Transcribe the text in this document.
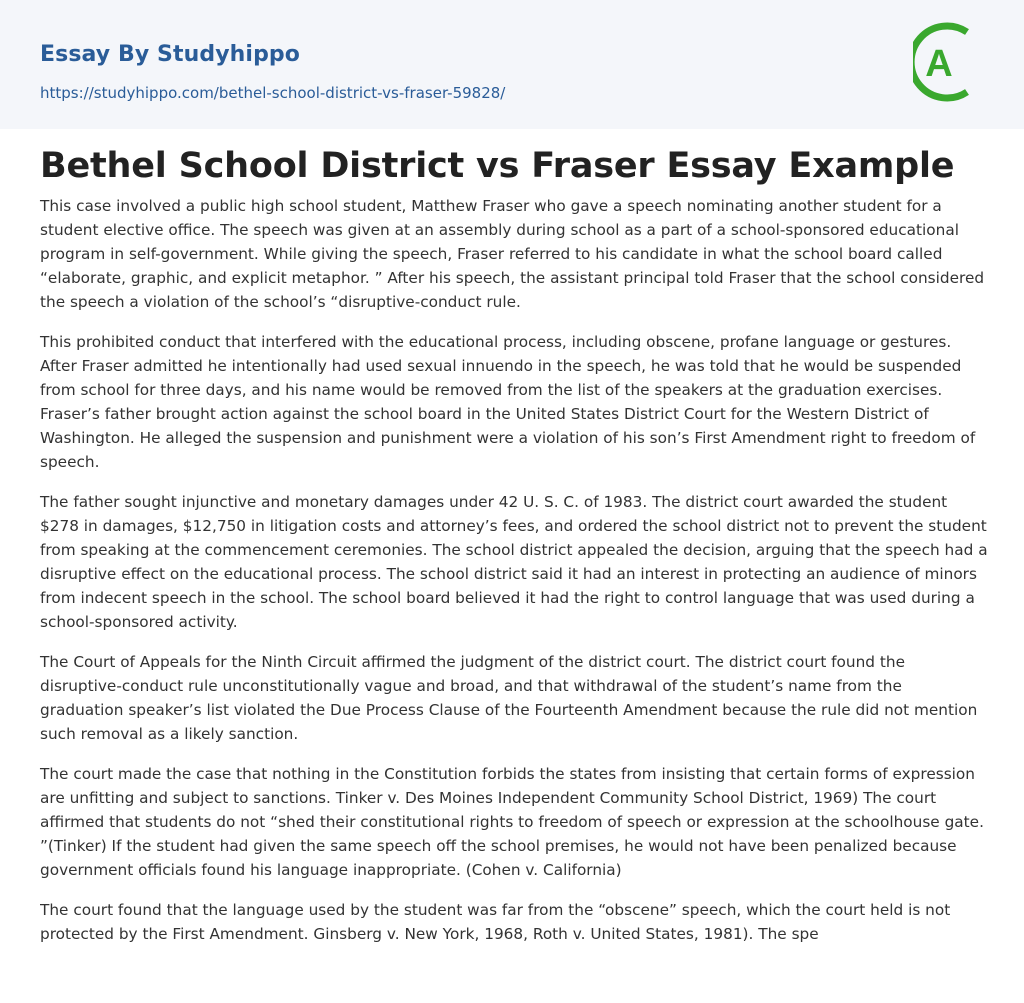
Essay By Studyhippo
https://studyhippo.com/bethel-school-district-vs-fraser-59828/
A
Bethel School District vs Fraser Essay Example

This case involved a public high school student, Matthew Fraser who gave a speech nominating another student for a student elective office. The speech was given at an assembly during school as a part of a school-sponsored educational program in self-government. While giving the speech, Fraser referred to his candidate in what the school board called “elaborate, graphic, and explicit metaphor. ” After his speech, the assistant principal told Fraser that the school considered the speech a violation of the school’s “disruptive-conduct rule.

This prohibited conduct that interfered with the educational process, including obscene, profane language or gestures. After Fraser admitted he intentionally had used sexual innuendo in the speech, he was told that he would be suspended from school for three days, and his name would be removed from the list of the speakers at the graduation exercises. Fraser’s father brought action against the school board in the United States District Court for the Western District of Washington. He alleged the suspension and punishment were a violation of his son’s First Amendment right to freedom of speech.

The father sought injunctive and monetary damages under 42 U. S. C. of 1983. The district court awarded the student $278 in damages, $12,750 in litigation costs and attorney’s fees, and ordered the school district not to prevent the student from speaking at the commencement ceremonies. The school district appealed the decision, arguing that the speech had a disruptive effect on the educational process. The school district said it had an interest in protecting an audience of minors from indecent speech in the school. The school board believed it had the right to control language that was used during a school-sponsored activity.

The Court of Appeals for the Ninth Circuit affirmed the judgment of the district court. The district court found the disruptive-conduct rule unconstitutionally vague and broad, and that withdrawal of the student’s name from the graduation speaker’s list violated the Due Process Clause of the Fourteenth Amendment because the rule did not mention such removal as a likely sanction.

The court made the case that nothing in the Constitution forbids the states from insisting that certain forms of expression are unfitting and subject to sanctions. Tinker v. Des Moines Independent Community School District, 1969) The court affirmed that students do not “shed their constitutional rights to freedom of speech or expression at the schoolhouse gate. ”(Tinker) If the student had given the same speech off the school premises, he would not have been penalized because government officials found his language inappropriate. (Cohen v. California)

The court found that the language used by the student was far from the “obscene” speech, which the court held is not protected by the First Amendment. Ginsberg v. New York, 1968, Roth v. United States, 1981). The spe
